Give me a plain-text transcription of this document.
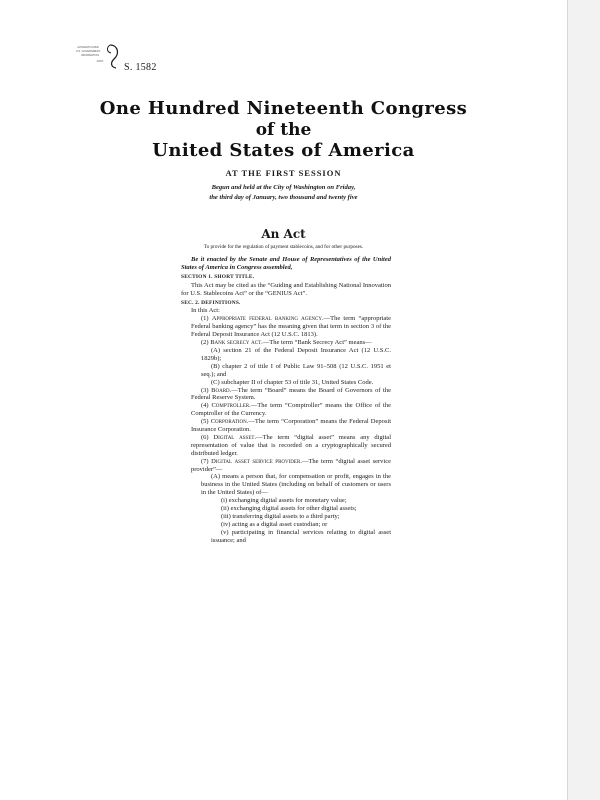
AUTHENTICATED
U.S. GOVERNMENT
INFORMATION
GPO
S. 1582
One Hundred Nineteenth Congress
of the
United States of America
AT THE FIRST SESSION
Begun and held at the City of Washington on Friday,
the third day of January, two thousand and twenty five
An Act
To provide for the regulation of payment stablecoins, and for other purposes.

Be it enacted by the Senate and House of Representatives of the United States of America in Congress assembled,

SECTION 1. SHORT TITLE.

This Act may be cited as the “Guiding and Establishing National Innovation for U.S. Stablecoins Act” or the “GENIUS Act”.

SEC. 2. DEFINITIONS.

In this Act:

(1) Appropriate federal banking agency.—The term “appropriate Federal banking agency” has the meaning given that term in section 3 of the Federal Deposit Insurance Act (12 U.S.C. 1813).

(2) Bank secrecy act.—The term “Bank Secrecy Act” means—

(A) section 21 of the Federal Deposit Insurance Act (12 U.S.C. 1829b);

(B) chapter 2 of title I of Public Law 91–508 (12 U.S.C. 1951 et seq.); and

(C) subchapter II of chapter 53 of title 31, United States Code.

(3) Board.—The term “Board” means the Board of Governors of the Federal Reserve System.

(4) Comptroller.—The term “Comptroller” means the Office of the Comptroller of the Currency.

(5) Corporation.—The term “Corporation” means the Federal Deposit Insurance Corporation.

(6) Digital asset.—The term “digital asset” means any digital representation of value that is recorded on a cryptographically secured distributed ledger.

(7) Digital asset service provider.—The term “digital asset service provider”—

(A) means a person that, for compensation or profit, engages in the business in the United States (including on behalf of customers or users in the United States) of—

(i) exchanging digital assets for monetary value;

(ii) exchanging digital assets for other digital assets;

(iii) transferring digital assets to a third party;

(iv) acting as a digital asset custodian; or

(v) participating in financial services relating to digital asset issuance; and
